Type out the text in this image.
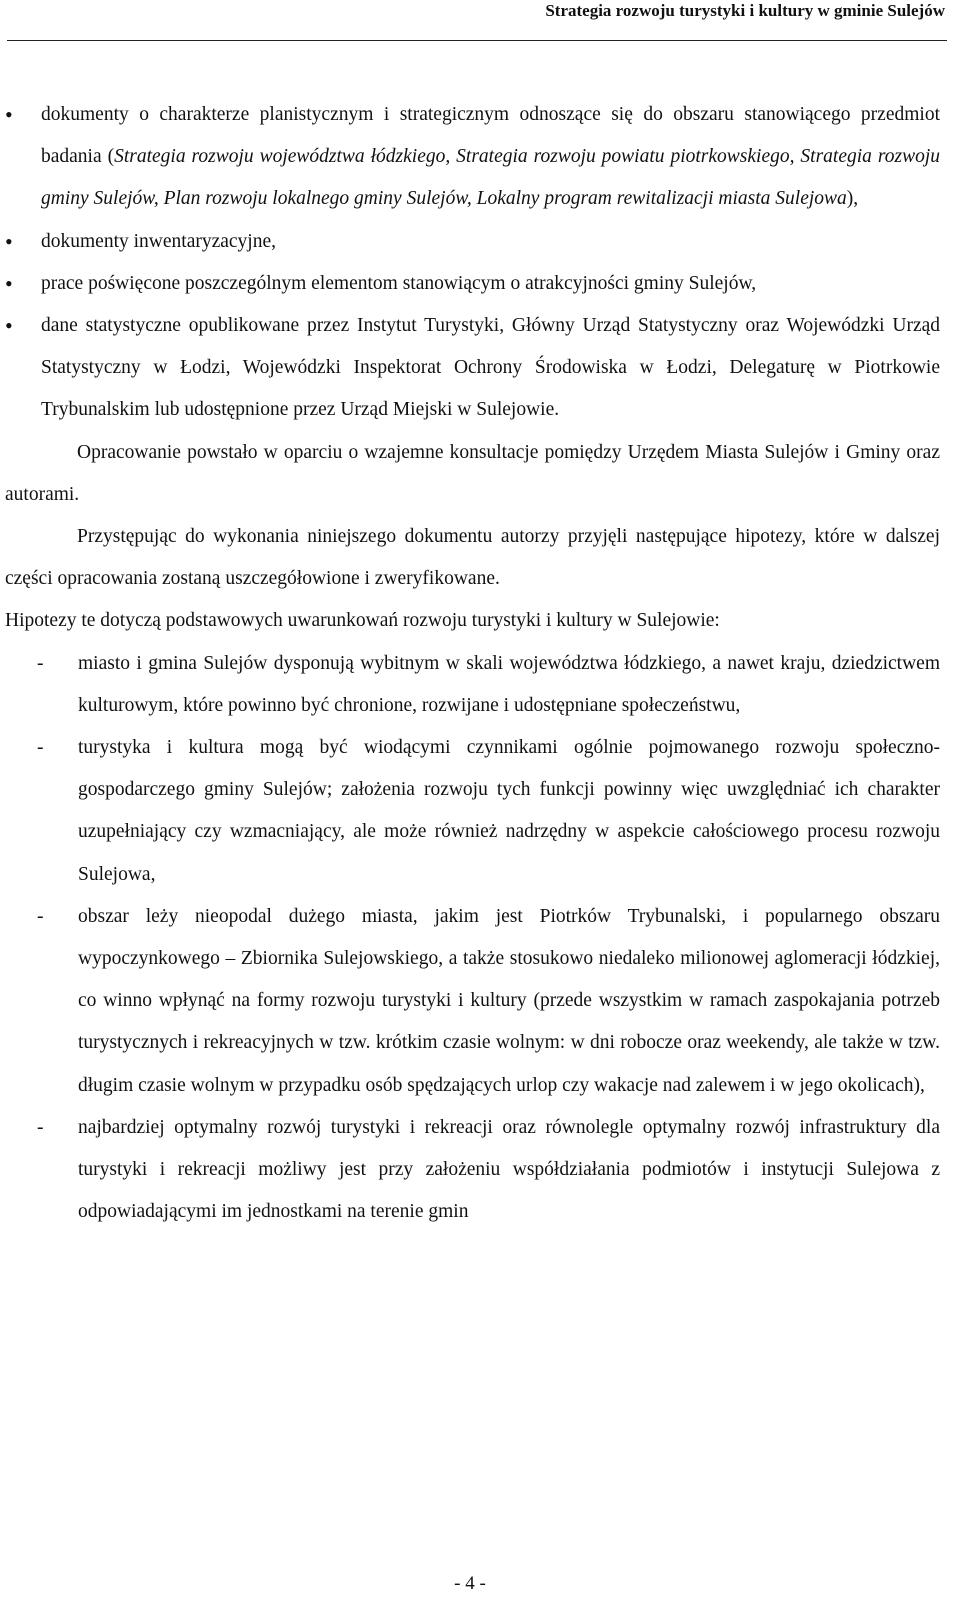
Strategia rozwoju turystyki i kultury w gminie Sulejów
•	dokumenty o charakterze planistycznym i strategicznym odnoszące się do obszaru stanowiącego przedmiot badania (Strategia rozwoju województwa łódzkiego, Strategia rozwoju powiatu piotrkowskiego, Strategia rozwoju gminy Sulejów, Plan rozwoju lokalnego gminy Sulejów, Lokalny program rewitalizacji miasta Sulejowa),
•	dokumenty inwentaryzacyjne,
•	prace poświęcone poszczególnym elementom stanowiącym o atrakcyjności gminy Sulejów,
•	dane statystyczne opublikowane przez Instytut Turystyki, Główny Urząd Statystyczny oraz Wojewódzki Urząd Statystyczny w Łodzi, Wojewódzki Inspektorat Ochrony Środowiska w Łodzi, Delegaturę w Piotrkowie Trybunalskim lub udostępnione przez Urząd Miejski w Sulejowie.

Opracowanie powstało w oparciu o wzajemne konsultacje pomiędzy Urzędem Miasta Sulejów i Gminy oraz autorami.

Przystępując do wykonania niniejszego dokumentu autorzy przyjęli następujące hipotezy, które w dalszej części opracowania zostaną uszczegółowione i zweryfikowane.

Hipotezy te dotyczą podstawowych uwarunkowań rozwoju turystyki i kultury w Sulejowie:

- miasto i gmina Sulejów dysponują wybitnym w skali województwa łódzkiego, a nawet kraju, dziedzictwem kulturowym, które powinno być chronione, rozwijane i udostępniane społeczeństwu,
- turystyka i kultura mogą być wiodącymi czynnikami ogólnie pojmowanego rozwoju społeczno-gospodarczego gminy Sulejów; założenia rozwoju tych funkcji powinny więc uwzględniać ich charakter uzupełniający czy wzmacniający, ale może również nadrzędny w aspekcie całościowego procesu rozwoju Sulejowa,
- obszar leży nieopodal dużego miasta, jakim jest Piotrków Trybunalski, i popularnego obszaru wypoczynkowego – Zbiornika Sulejowskiego, a także stosukowo niedaleko milionowej aglomeracji łódzkiej, co winno wpłynąć na formy rozwoju turystyki i kultury (przede wszystkim w ramach zaspokajania potrzeb turystycznych i rekreacyjnych w tzw. krótkim czasie wolnym: w dni robocze oraz weekendy, ale także w tzw. długim czasie wolnym w przypadku osób spędzających urlop czy wakacje nad zalewem i w jego okolicach),
- najbardziej optymalny rozwój turystyki i rekreacji oraz równolegle optymalny rozwój infrastruktury dla turystyki i rekreacji możliwy jest przy założeniu współdziałania podmiotów i instytucji Sulejowa z odpowiadającymi im jednostkami na terenie gmin
- 4 -
